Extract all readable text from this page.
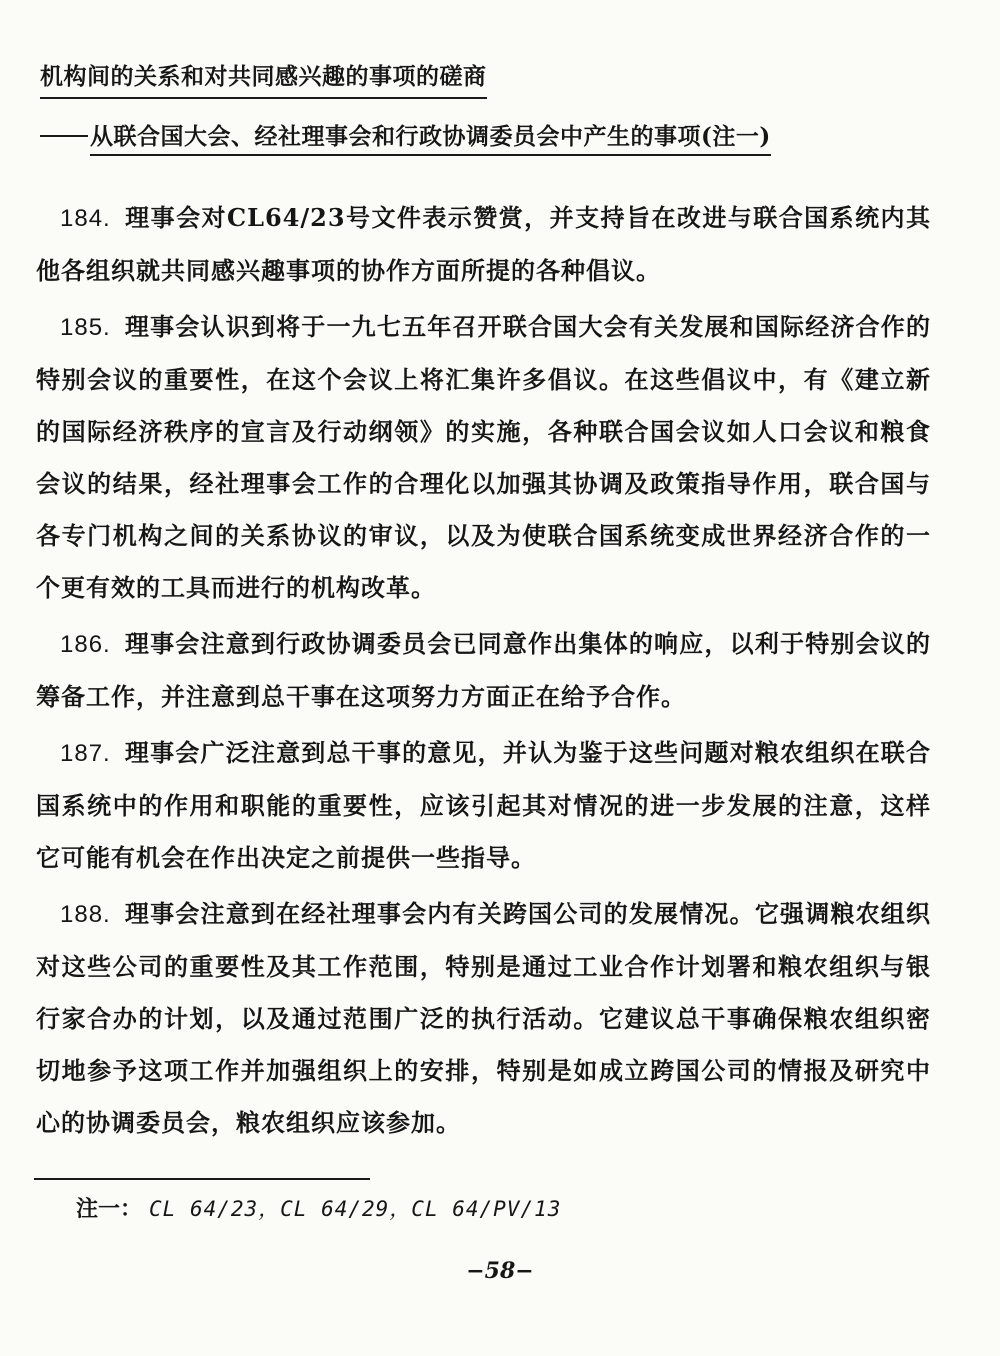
机构间的关系和对共同感兴趣的事项的磋商
从联合国大会、经社理事会和行政协调委员会中产生的事项(注一)

184. 理事会对CL64/23号文件表示赞赏，并支持旨在改进与联合国系统内其他各组织就共同感兴趣事项的协作方面所提的各种倡议。

185. 理事会认识到将于一九七五年召开联合国大会有关发展和国际经济合作的特别会议的重要性，在这个会议上将汇集许多倡议。在这些倡议中，有《建立新的国际经济秩序的宣言及行动纲领》的实施，各种联合国会议如人口会议和粮食会议的结果，经社理事会工作的合理化以加强其协调及政策指导作用，联合国与各专门机构之间的关系协议的审议，以及为使联合国系统变成世界经济合作的一个更有效的工具而进行的机构改革。

186. 理事会注意到行政协调委员会已同意作出集体的响应，以利于特别会议的筹备工作，并注意到总干事在这项努力方面正在给予合作。

187. 理事会广泛注意到总干事的意见，并认为鉴于这些问题对粮农组织在联合国系统中的作用和职能的重要性，应该引起其对情况的进一步发展的注意，这样它可能有机会在作出决定之前提供一些指导。

188. 理事会注意到在经社理事会内有关跨国公司的发展情况。它强调粮农组织对这些公司的重要性及其工作范围，特别是通过工业合作计划署和粮农组织与银行家合办的计划，以及通过范围广泛的执行活动。它建议总干事确保粮农组织密切地参予这项工作并加强组织上的安排，特别是如成立跨国公司的情报及研究中心的协调委员会，粮农组织应该参加。

注一： CL 64/23，CL 64/29，CL 64/PV/13
−58−
